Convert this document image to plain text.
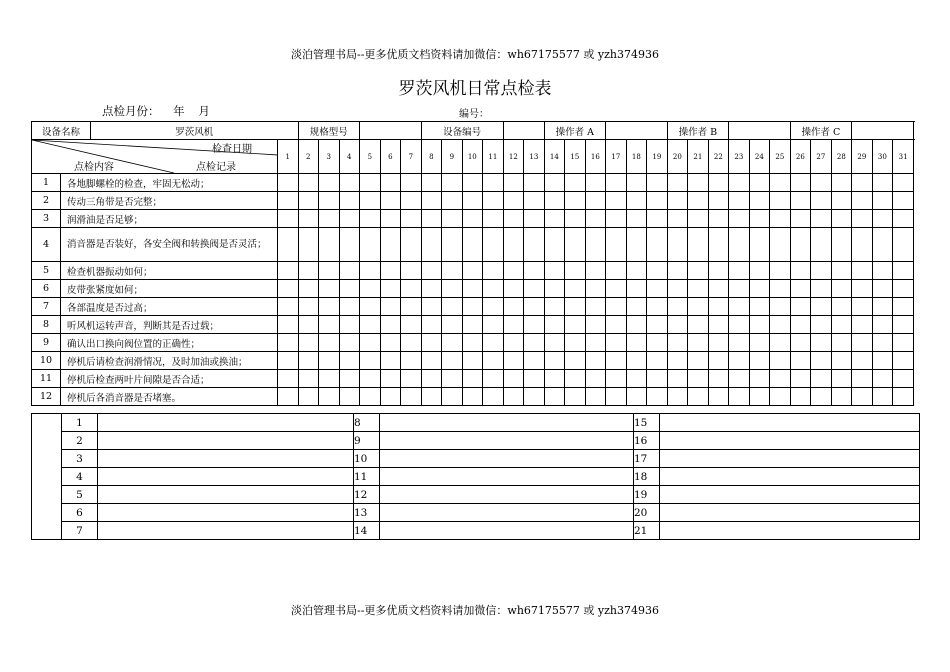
淡泊管理书局--更多优质文档资料请加微信：wh67175577 或 yzh374936
罗茨风机日常点检表
点检月份： 年 月	编号：
设备名称		罗茨风机		规格型号						设备编号						操作者 A						操作者 B						操作者 C			

检查日期
点检内容 点检记录			1	2	3	4	5	6	7	8	9	10	11	12	13	14	15	16	17	18	19	20	21	22	23	24	25	26	27	28	29	30	31	
1	各地脚螺栓的检查，牢固无松动；																																	
2	传动三角带是否完整；																																	
3	润滑油是否足够；																																	
4	消音器是否装好，各安全阀和转换阀是否灵活；																																	
5	检查机器振动如何；																																	
6	皮带张紧度如何；																																	
7	各部温度是否过高；																																	
8	听风机运转声音，判断其是否过载；																																	
9	确认出口换向阀位置的正确性；																																	
10	停机后请检查润滑情况，及时加油或换油；																																	
11	停机后检查两叶片间隙是否合适；																																	
12	停机后各消音器是否堵塞。																																	
	1		8		15	
	2		9		16	
	3		10		17	
	4		11		18	
	5		12		19	
	6		13		20	
	7		14		21	
淡泊管理书局--更多优质文档资料请加微信：wh67175577 或 yzh374936
